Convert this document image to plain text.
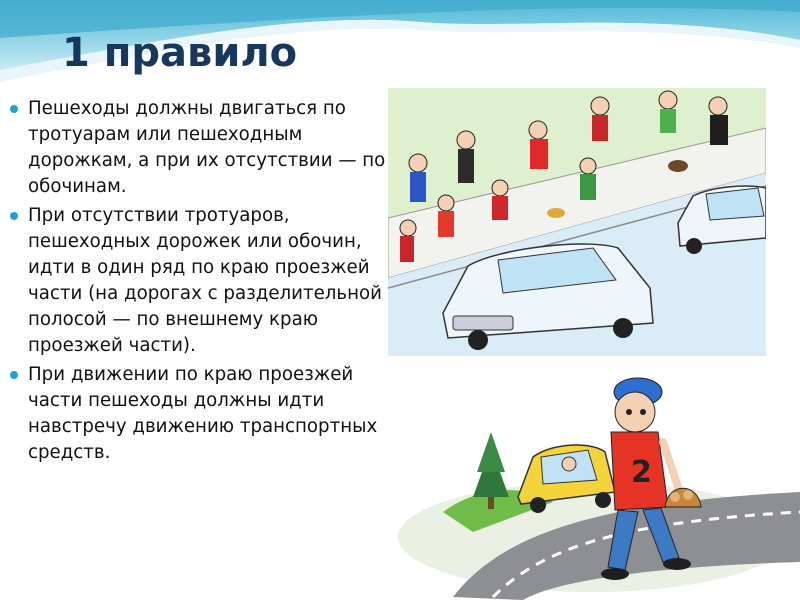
1 правило
Пешеходы должны двигаться по тротуарам или пешеходным дорожкам, а при их отсутствии — по обочинам.
При отсутствии тротуаров, пешеходных дорожек или обочин, идти в один ряд по краю проезжей части (на дорогах с разделительной полосой — по внешнему краю проезжей части).
При движении по краю проезжей части пешеходы должны идти навстречу движению транспортных средств.
2
